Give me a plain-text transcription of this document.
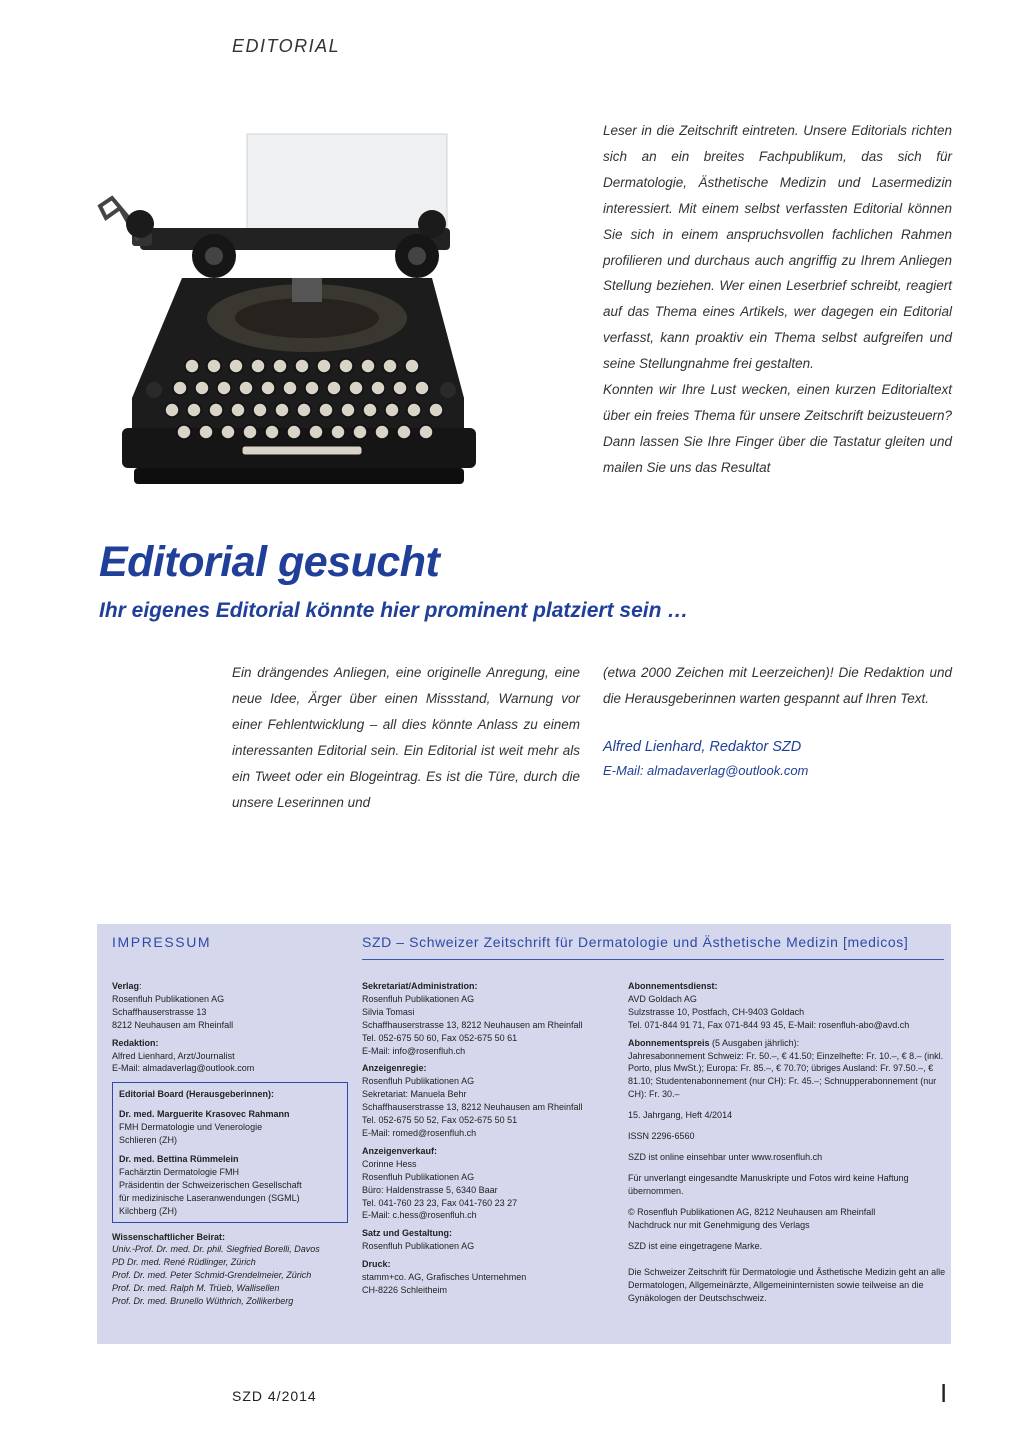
EDITORIAL

Leser in die Zeitschrift eintreten. Unsere Editorials richten sich an ein breites Fachpublikum, das sich für Dermatologie, Ästhetische Medizin und Lasermedizin interessiert. Mit einem selbst verfassten Editorial können Sie sich in einem anspruchsvollen fachlichen Rahmen profilieren und durchaus auch angriffig zu Ihrem Anliegen Stellung beziehen. Wer einen Leserbrief schreibt, reagiert auf das Thema eines Artikels, wer dagegen ein Editorial verfasst, kann proaktiv ein Thema selbst aufgreifen und seine Stellungnahme frei gestalten.

Konnten wir Ihre Lust wecken, einen kurzen Editorialtext über ein freies Thema für unsere Zeitschrift beizusteuern? Dann lassen Sie Ihre Finger über die Tastatur gleiten und mailen Sie uns das Resultat

Editorial gesucht
Ihr eigenes Editorial könnte hier prominent platziert sein …
Ein drängendes Anliegen, eine originelle Anregung, eine neue Idee, Ärger über einen Missstand, Warnung vor einer Fehlentwicklung – all dies könnte Anlass zu einem interessanten Editorial sein. Ein Editorial ist weit mehr als ein Tweet oder ein Blogeintrag. Es ist die Türe, durch die unsere Leserinnen und

(etwa 2000 Zeichen mit Leerzeichen)! Die Redaktion und die Herausgeberinnen warten gespannt auf Ihren Text.

Alfred Lienhard, Redaktor SZD

E-Mail: almadaverlag@outlook.com

IMPRESSUM	SZD – Schweizer Zeitschrift für Dermatologie und Ästhetische Medizin [medicos]
Verlag:
Rosenfluh Publikationen AG
Schaffhauserstrasse 13
8212 Neuhausen am Rheinfall
Redaktion:
Alfred Lienhard, Arzt/Journalist
E-Mail: almadaverlag@outlook.com
Editorial Board (Herausgeberinnen):
Dr. med. Marguerite Krasovec Rahmann
FMH Dermatologie und Venerologie
Schlieren (ZH)
Dr. med. Bettina Rümmelein
Fachärztin Dermatologie FMH
Präsidentin der Schweizerischen Gesellschaft
für medizinische Laseranwendungen (SGML)
Kilchberg (ZH)
Wissenschaftlicher Beirat:
Univ.-Prof. Dr. med. Dr. phil. Siegfried Borelli, Davos
PD Dr. med. René Rüdlinger, Zürich
Prof. Dr. med. Peter Schmid-Grendelmeier, Zürich
Prof. Dr. med. Ralph M. Trüeb, Wallisellen
Prof. Dr. med. Brunello Wüthrich, Zollikerberg
Sekretariat/Administration:
Rosenfluh Publikationen AG
Silvia Tomasi
Schaffhauserstrasse 13, 8212 Neuhausen am Rheinfall
Tel. 052-675 50 60, Fax 052-675 50 61
E-Mail: info@rosenfluh.ch
Anzeigenregie:
Rosenfluh Publikationen AG
Sekretariat: Manuela Behr
Schaffhauserstrasse 13, 8212 Neuhausen am Rheinfall
Tel. 052-675 50 52, Fax 052-675 50 51
E-Mail: romed@rosenfluh.ch
Anzeigenverkauf:
Corinne Hess
Rosenfluh Publikationen AG
Büro: Haldenstrasse 5, 6340 Baar
Tel. 041-760 23 23, Fax 041-760 23 27
E-Mail: c.hess@rosenfluh.ch
Satz und Gestaltung:
Rosenfluh Publikationen AG
Druck:
stamm+co. AG, Grafisches Unternehmen
CH-8226 Schleitheim
Abonnementsdienst:
AVD Goldach AG
Sulzstrasse 10, Postfach, CH-9403 Goldach
Tel. 071-844 91 71, Fax 071-844 93 45, E-Mail: rosenfluh-abo@avd.ch
Abonnementspreis (5 Ausgaben jährlich):
Jahresabonnement Schweiz: Fr. 50.–, € 41.50; Einzelhefte: Fr. 10.–, € 8.– (inkl. Porto, plus MwSt.); Europa: Fr. 85.–, € 70.70; übriges Ausland: Fr. 97.50.–, € 81.10; Studentenabonnement (nur CH): Fr. 45.–; Schnupperabonnement (nur CH): Fr. 30.–
15. Jahrgang, Heft 4/2014
ISSN 2296-6560
SZD ist online einsehbar unter www.rosenfluh.ch
Für unverlangt eingesandte Manuskripte und Fotos wird keine Haftung übernommen.
© Rosenfluh Publikationen AG, 8212 Neuhausen am Rheinfall
Nachdruck nur mit Genehmigung des Verlags
SZD ist eine eingetragene Marke.
Die Schweizer Zeitschrift für Dermatologie und Ästhetische Medizin geht an alle Dermatologen, Allgemeinärzte, Allgemeininternisten sowie teilweise an die Gynäkologen der Deutschschweiz.
SZD 4/2014	I
